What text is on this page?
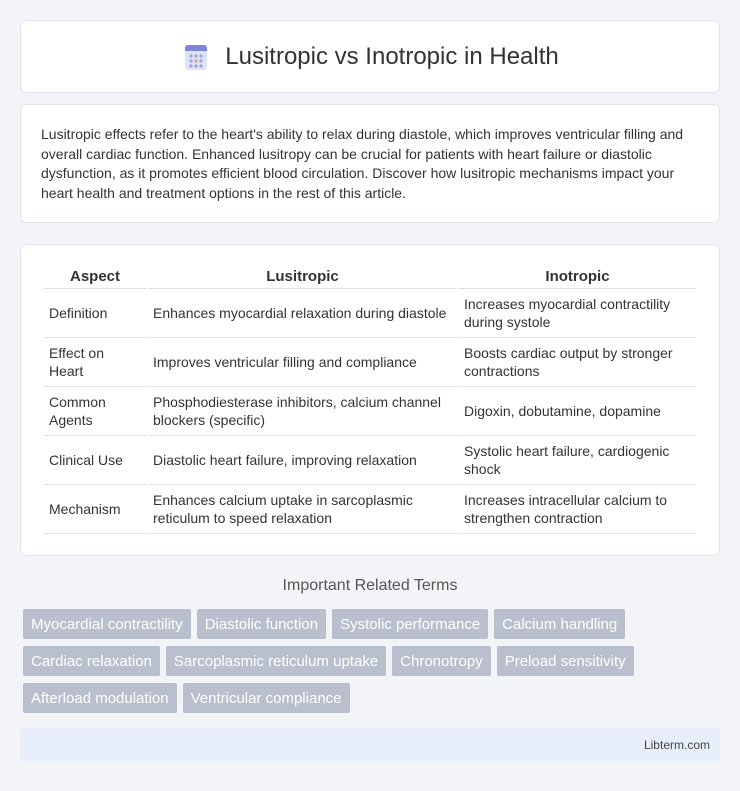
Lusitropic vs Inotropic in Health

Lusitropic effects refer to the heart's ability to relax during diastole, which improves ventricular filling and overall cardiac function. Enhanced lusitropy can be crucial for patients with heart failure or diastolic dysfunction, as it promotes efficient blood circulation. Discover how lusitropic mechanisms impact your heart health and treatment options in the rest of this article.

Aspect	Lusitropic	Inotropic
Definition	Enhances myocardial relaxation during diastole	Increases myocardial contractility during systole
Effect on Heart	Improves ventricular filling and compliance	Boosts cardiac output by stronger contractions
Common Agents	Phosphodiesterase inhibitors, calcium channel blockers (specific)	Digoxin, dobutamine, dopamine
Clinical Use	Diastolic heart failure, improving relaxation	Systolic heart failure, cardiogenic shock
Mechanism	Enhances calcium uptake in sarcoplasmic reticulum to speed relaxation	Increases intracellular calcium to strengthen contraction
Important Related Terms
Myocardial contractility	Diastolic function	Systolic performance	Calcium handling
Cardiac relaxation	Sarcoplasmic reticulum uptake	Chronotropy	Preload sensitivity
Afterload modulation	Ventricular compliance
Libterm.com
